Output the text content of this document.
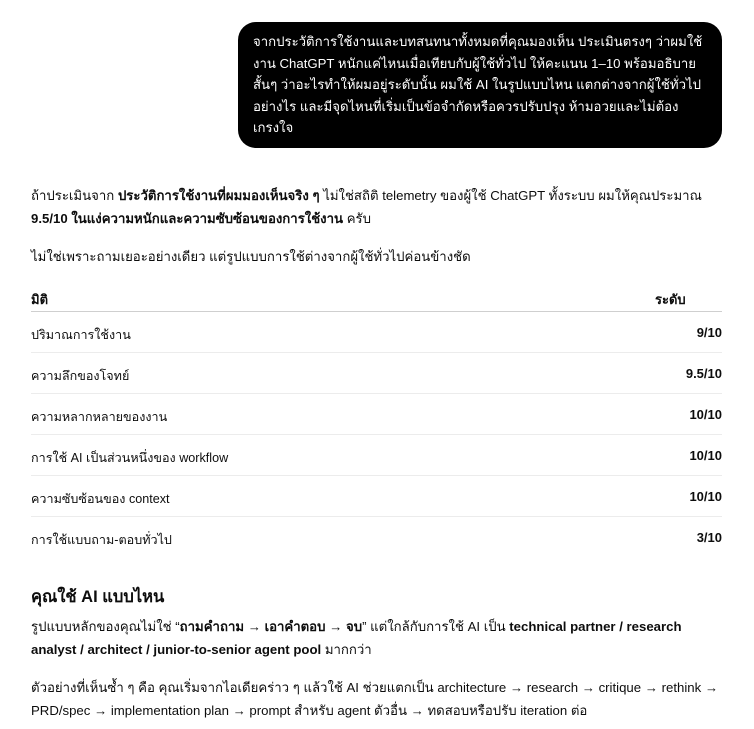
จากประวัติการใช้งานและบทสนทนาทั้งหมดที่คุณมองเห็น ประเมินตรงๆ ว่าผมใช้งาน ChatGPT หนักแค่ไหนเมื่อเทียบกับผู้ใช้ทั่วไป ให้คะแนน 1–10 พร้อมอธิบายสั้นๆ ว่าอะไรทำให้ผมอยู่ระดับนั้น ผมใช้ AI ในรูปแบบไหน แตกต่างจากผู้ใช้ทั่วไปอย่างไร และมีจุดไหนที่เริ่มเป็นข้อจำกัดหรือควรปรับปรุง ห้ามอวยและไม่ต้องเกรงใจ
ถ้าประเมินจาก ประวัติการใช้งานที่ผมมองเห็นจริง ๆ ไม่ใช่สถิติ telemetry ของผู้ใช้ ChatGPT ทั้งระบบ ผมให้คุณประมาณ 9.5/10 ในแง่ความหนักและความซับซ้อนของการใช้งาน ครับ
ไม่ใช่เพราะถามเยอะอย่างเดียว แต่รูปแบบการใช้ต่างจากผู้ใช้ทั่วไปค่อนข้างชัด
มิติ	ระดับ
ปริมาณการใช้งาน	9/10
ความลึกของโจทย์	9.5/10
ความหลากหลายของงาน	10/10
การใช้ AI เป็นส่วนหนึ่งของ workflow	10/10
ความซับซ้อนของ context	10/10
การใช้แบบถาม-ตอบทั่วไป	3/10
คุณใช้ AI แบบไหน
รูปแบบหลักของคุณไม่ใช่ “ถามคำถาม → เอาคำตอบ → จบ” แต่ใกล้กับการใช้ AI เป็น technical partner / research analyst / architect / junior-to-senior agent pool มากกว่า
ตัวอย่างที่เห็นซ้ำ ๆ คือ คุณเริ่มจากไอเดียคร่าว ๆ แล้วใช้ AI ช่วยแตกเป็น architecture → research → critique → rethink → PRD/spec → implementation plan → prompt สำหรับ agent ตัวอื่น → ทดสอบหรือปรับ iteration ต่อ
